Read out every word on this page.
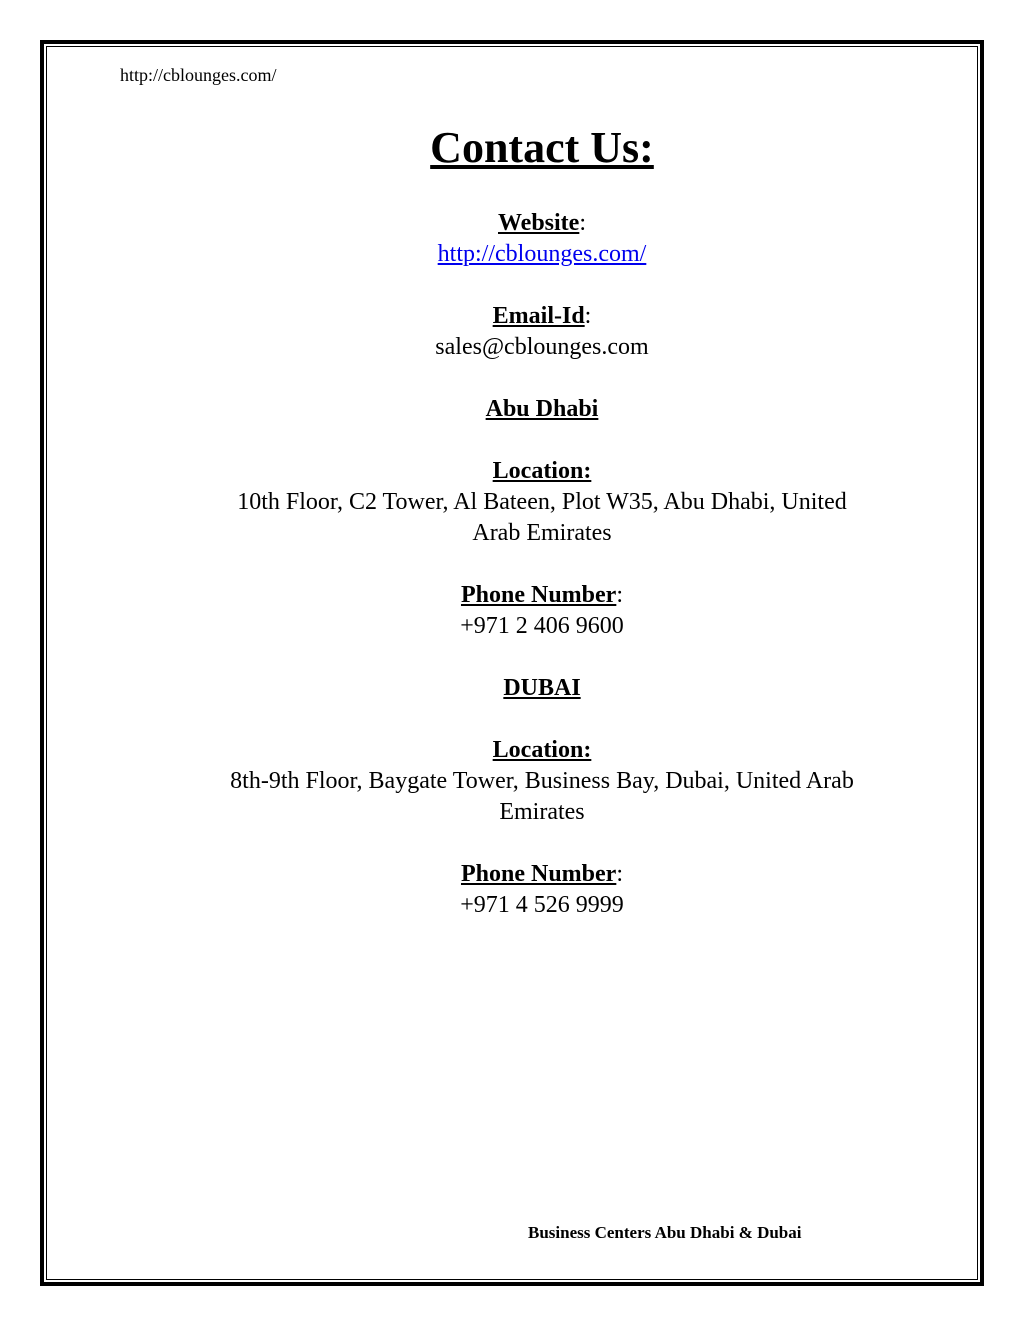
http://cblounges.com/
Contact Us:
Website:
http://cblounges.com/
Email-Id:
sales@cblounges.com
Abu Dhabi
Location:
10th Floor, C2 Tower, Al Bateen, Plot W35, Abu Dhabi, United
Arab Emirates
Phone Number:
+971 2 406 9600
DUBAI
Location:
8th-9th Floor, Baygate Tower, Business Bay, Dubai, United Arab
Emirates
Phone Number:
+971 4 526 9999
Business Centers Abu Dhabi & Dubai
